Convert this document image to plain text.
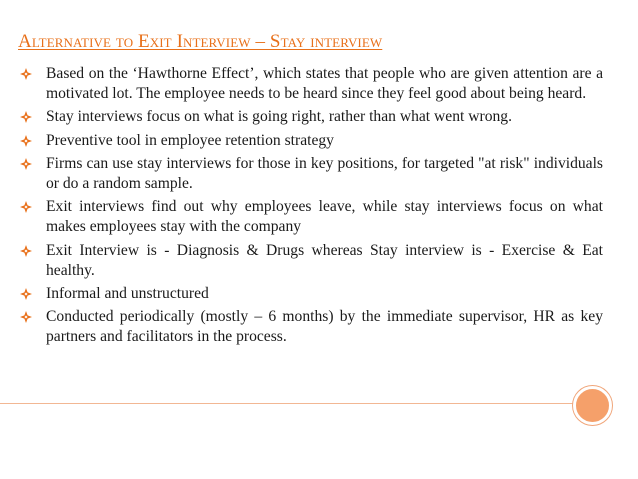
Alternative to Exit Interview – Stay interview
Based on the ‘Hawthorne Effect’, which states that people who are given attention are a motivated lot. The employee needs to be heard since they feel good about being heard.
Stay interviews focus on what is going right, rather than what went wrong.
Preventive tool in employee retention strategy
Firms can use stay interviews for those in key positions, for targeted "at risk" individuals or do a random sample.
Exit interviews find out why employees leave, while stay interviews focus on what makes employees stay with the company
Exit Interview is - Diagnosis & Drugs whereas Stay interview is - Exercise & Eat healthy.
Informal and unstructured
Conducted periodically (mostly – 6 months) by the immediate supervisor, HR as key partners and facilitators in the process.
